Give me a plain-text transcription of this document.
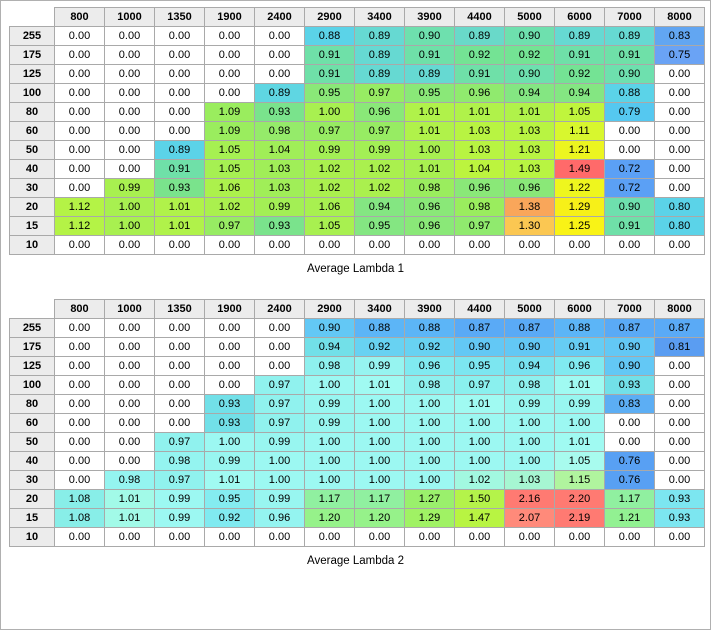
	800	1000	1350	1900	2400	2900	3400	3900	4400	5000	6000	7000	8000
255	0.00	0.00	0.00	0.00	0.00	0.88	0.89	0.90	0.89	0.90	0.89	0.89	0.83
175	0.00	0.00	0.00	0.00	0.00	0.91	0.89	0.91	0.92	0.92	0.91	0.91	0.75
125	0.00	0.00	0.00	0.00	0.00	0.91	0.89	0.89	0.91	0.90	0.92	0.90	0.00
100	0.00	0.00	0.00	0.00	0.89	0.95	0.97	0.95	0.96	0.94	0.94	0.88	0.00
80	0.00	0.00	0.00	1.09	0.93	1.00	0.96	1.01	1.01	1.01	1.05	0.79	0.00
60	0.00	0.00	0.00	1.09	0.98	0.97	0.97	1.01	1.03	1.03	1.11	0.00	0.00
50	0.00	0.00	0.89	1.05	1.04	0.99	0.99	1.00	1.03	1.03	1.21	0.00	0.00
40	0.00	0.00	0.91	1.05	1.03	1.02	1.02	1.01	1.04	1.03	1.49	0.72	0.00
30	0.00	0.99	0.93	1.06	1.03	1.02	1.02	0.98	0.96	0.96	1.22	0.72	0.00
20	1.12	1.00	1.01	1.02	0.99	1.06	0.94	0.96	0.98	1.38	1.29	0.90	0.80
15	1.12	1.00	1.01	0.97	0.93	1.05	0.95	0.96	0.97	1.30	1.25	0.91	0.80
10	0.00	0.00	0.00	0.00	0.00	0.00	0.00	0.00	0.00	0.00	0.00	0.00	0.00
Average Lambda 1
	800	1000	1350	1900	2400	2900	3400	3900	4400	5000	6000	7000	8000
255	0.00	0.00	0.00	0.00	0.00	0.90	0.88	0.88	0.87	0.87	0.88	0.87	0.87
175	0.00	0.00	0.00	0.00	0.00	0.94	0.92	0.92	0.90	0.90	0.91	0.90	0.81
125	0.00	0.00	0.00	0.00	0.00	0.98	0.99	0.96	0.95	0.94	0.96	0.90	0.00
100	0.00	0.00	0.00	0.00	0.97	1.00	1.01	0.98	0.97	0.98	1.01	0.93	0.00
80	0.00	0.00	0.00	0.93	0.97	0.99	1.00	1.00	1.01	0.99	0.99	0.83	0.00
60	0.00	0.00	0.00	0.93	0.97	0.99	1.00	1.00	1.00	1.00	1.00	0.00	0.00
50	0.00	0.00	0.97	1.00	0.99	1.00	1.00	1.00	1.00	1.00	1.01	0.00	0.00
40	0.00	0.00	0.98	0.99	1.00	1.00	1.00	1.00	1.00	1.00	1.05	0.76	0.00
30	0.00	0.98	0.97	1.01	1.00	1.00	1.00	1.00	1.02	1.03	1.15	0.76	0.00
20	1.08	1.01	0.99	0.95	0.99	1.17	1.17	1.27	1.50	2.16	2.20	1.17	0.93
15	1.08	1.01	0.99	0.92	0.96	1.20	1.20	1.29	1.47	2.07	2.19	1.21	0.93
10	0.00	0.00	0.00	0.00	0.00	0.00	0.00	0.00	0.00	0.00	0.00	0.00	0.00
Average Lambda 2
